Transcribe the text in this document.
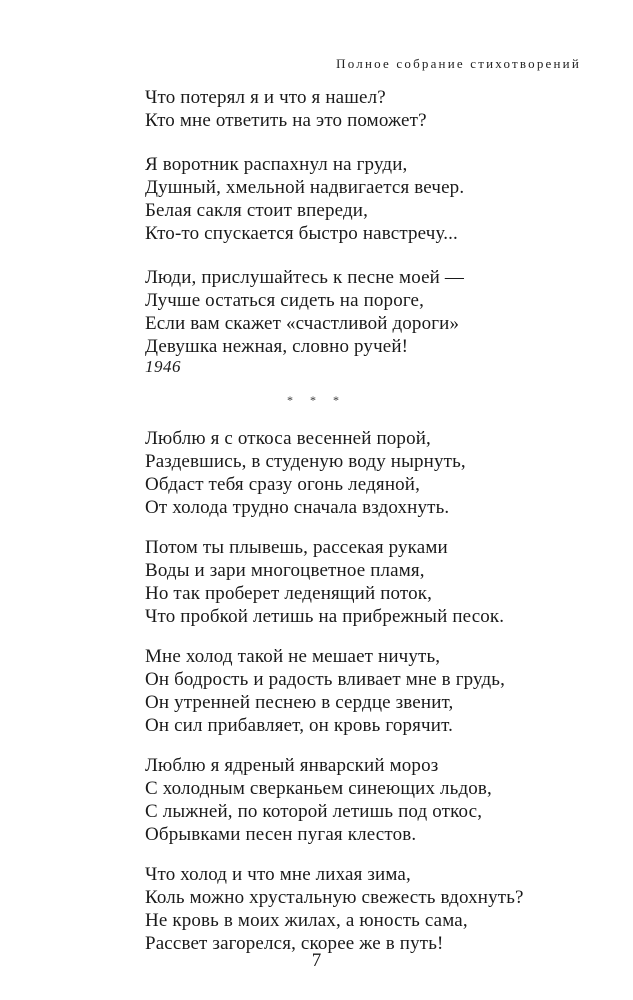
Полное собрание стихотворений
Что потерял я и что я нашел?
Кто мне ответить на это поможет?
Я воротник распахнул на груди,
Душный, хмельной надвигается вечер.
Белая сакля стоит впереди,
Кто-то спускается быстро навстречу...
Люди, прислушайтесь к песне моей —
Лучше остаться сидеть на пороге,
Если вам скажет «счастливой дороги»
Девушка нежная, словно ручей!
1946
* * *
Люблю я с откоса весенней порой,
Раздевшись, в студеную воду нырнуть,
Обдаст тебя сразу огонь ледяной,
От холода трудно сначала вздохнуть.
Потом ты плывешь, рассекая руками
Воды и зари многоцветное пламя,
Но так проберет леденящий поток,
Что пробкой летишь на прибрежный песок.
Мне холод такой не мешает ничуть,
Он бодрость и радость вливает мне в грудь,
Он утренней песнею в сердце звенит,
Он сил прибавляет, он кровь горячит.
Люблю я ядреный январский мороз
С холодным сверканьем синеющих льдов,
С лыжней, по которой летишь под откос,
Обрывками песен пугая клестов.
Что холод и что мне лихая зима,
Коль можно хрустальную свежесть вдохнуть?
Не кровь в моих жилах, а юность сама,
Рассвет загорелся, скорее же в путь!
7
